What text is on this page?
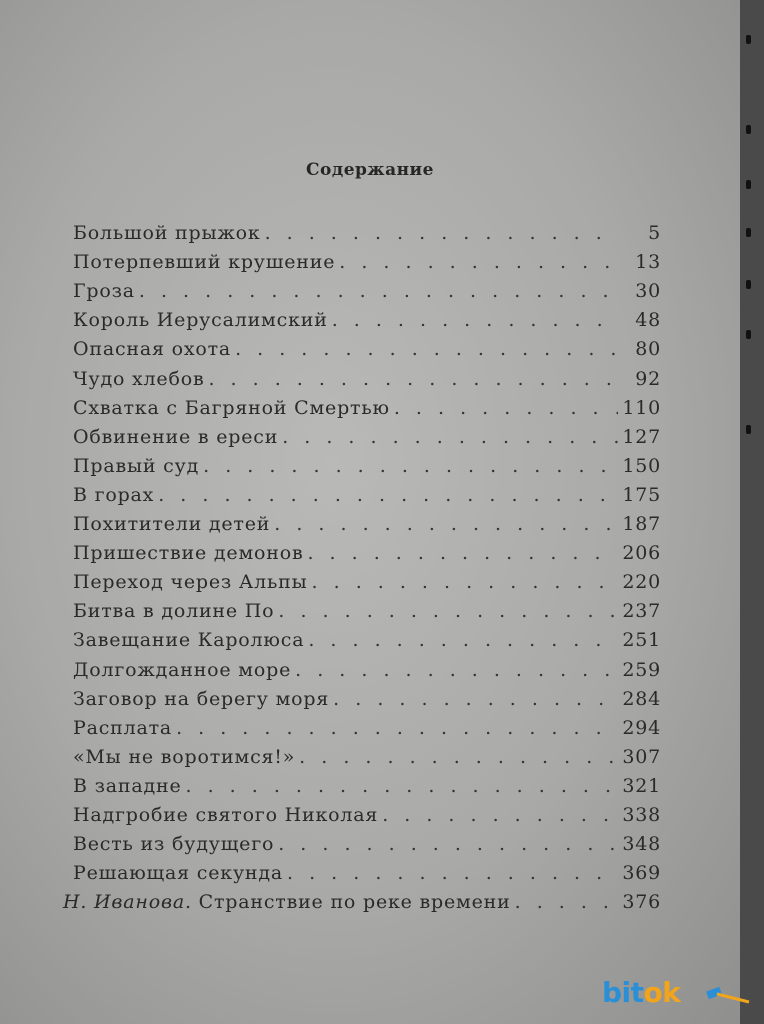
Содержание
Большой прыжок . . .	5
Потерпевший крушение . . .	13
Гроза . . .	30
Король Иерусалимский . . .	48
Опасная охота . . .	80
Чудо хлебов . . .	92
Схватка с Багряной Смертью . . .	110
Обвинение в ереси . . .	127
Правый суд . . .	150
В горах . . .	175
Похитители детей . . .	187
Пришествие демонов . . .	206
Переход через Альпы . . .	220
Битва в долине По . . .	237
Завещание Каролюса . . .	251
Долгожданное море . . .	259
Заговор на берегу моря . . .	284
Расплата . . .	294
«Мы не воротимся!» . . .	307
В западне . . .	321
Надгробие святого Николая . . .	338
Весть из будущего . . .	348
Решающая секунда . . .	369
Н. Иванова. Странствие по реке времени . . .	376
bitok
